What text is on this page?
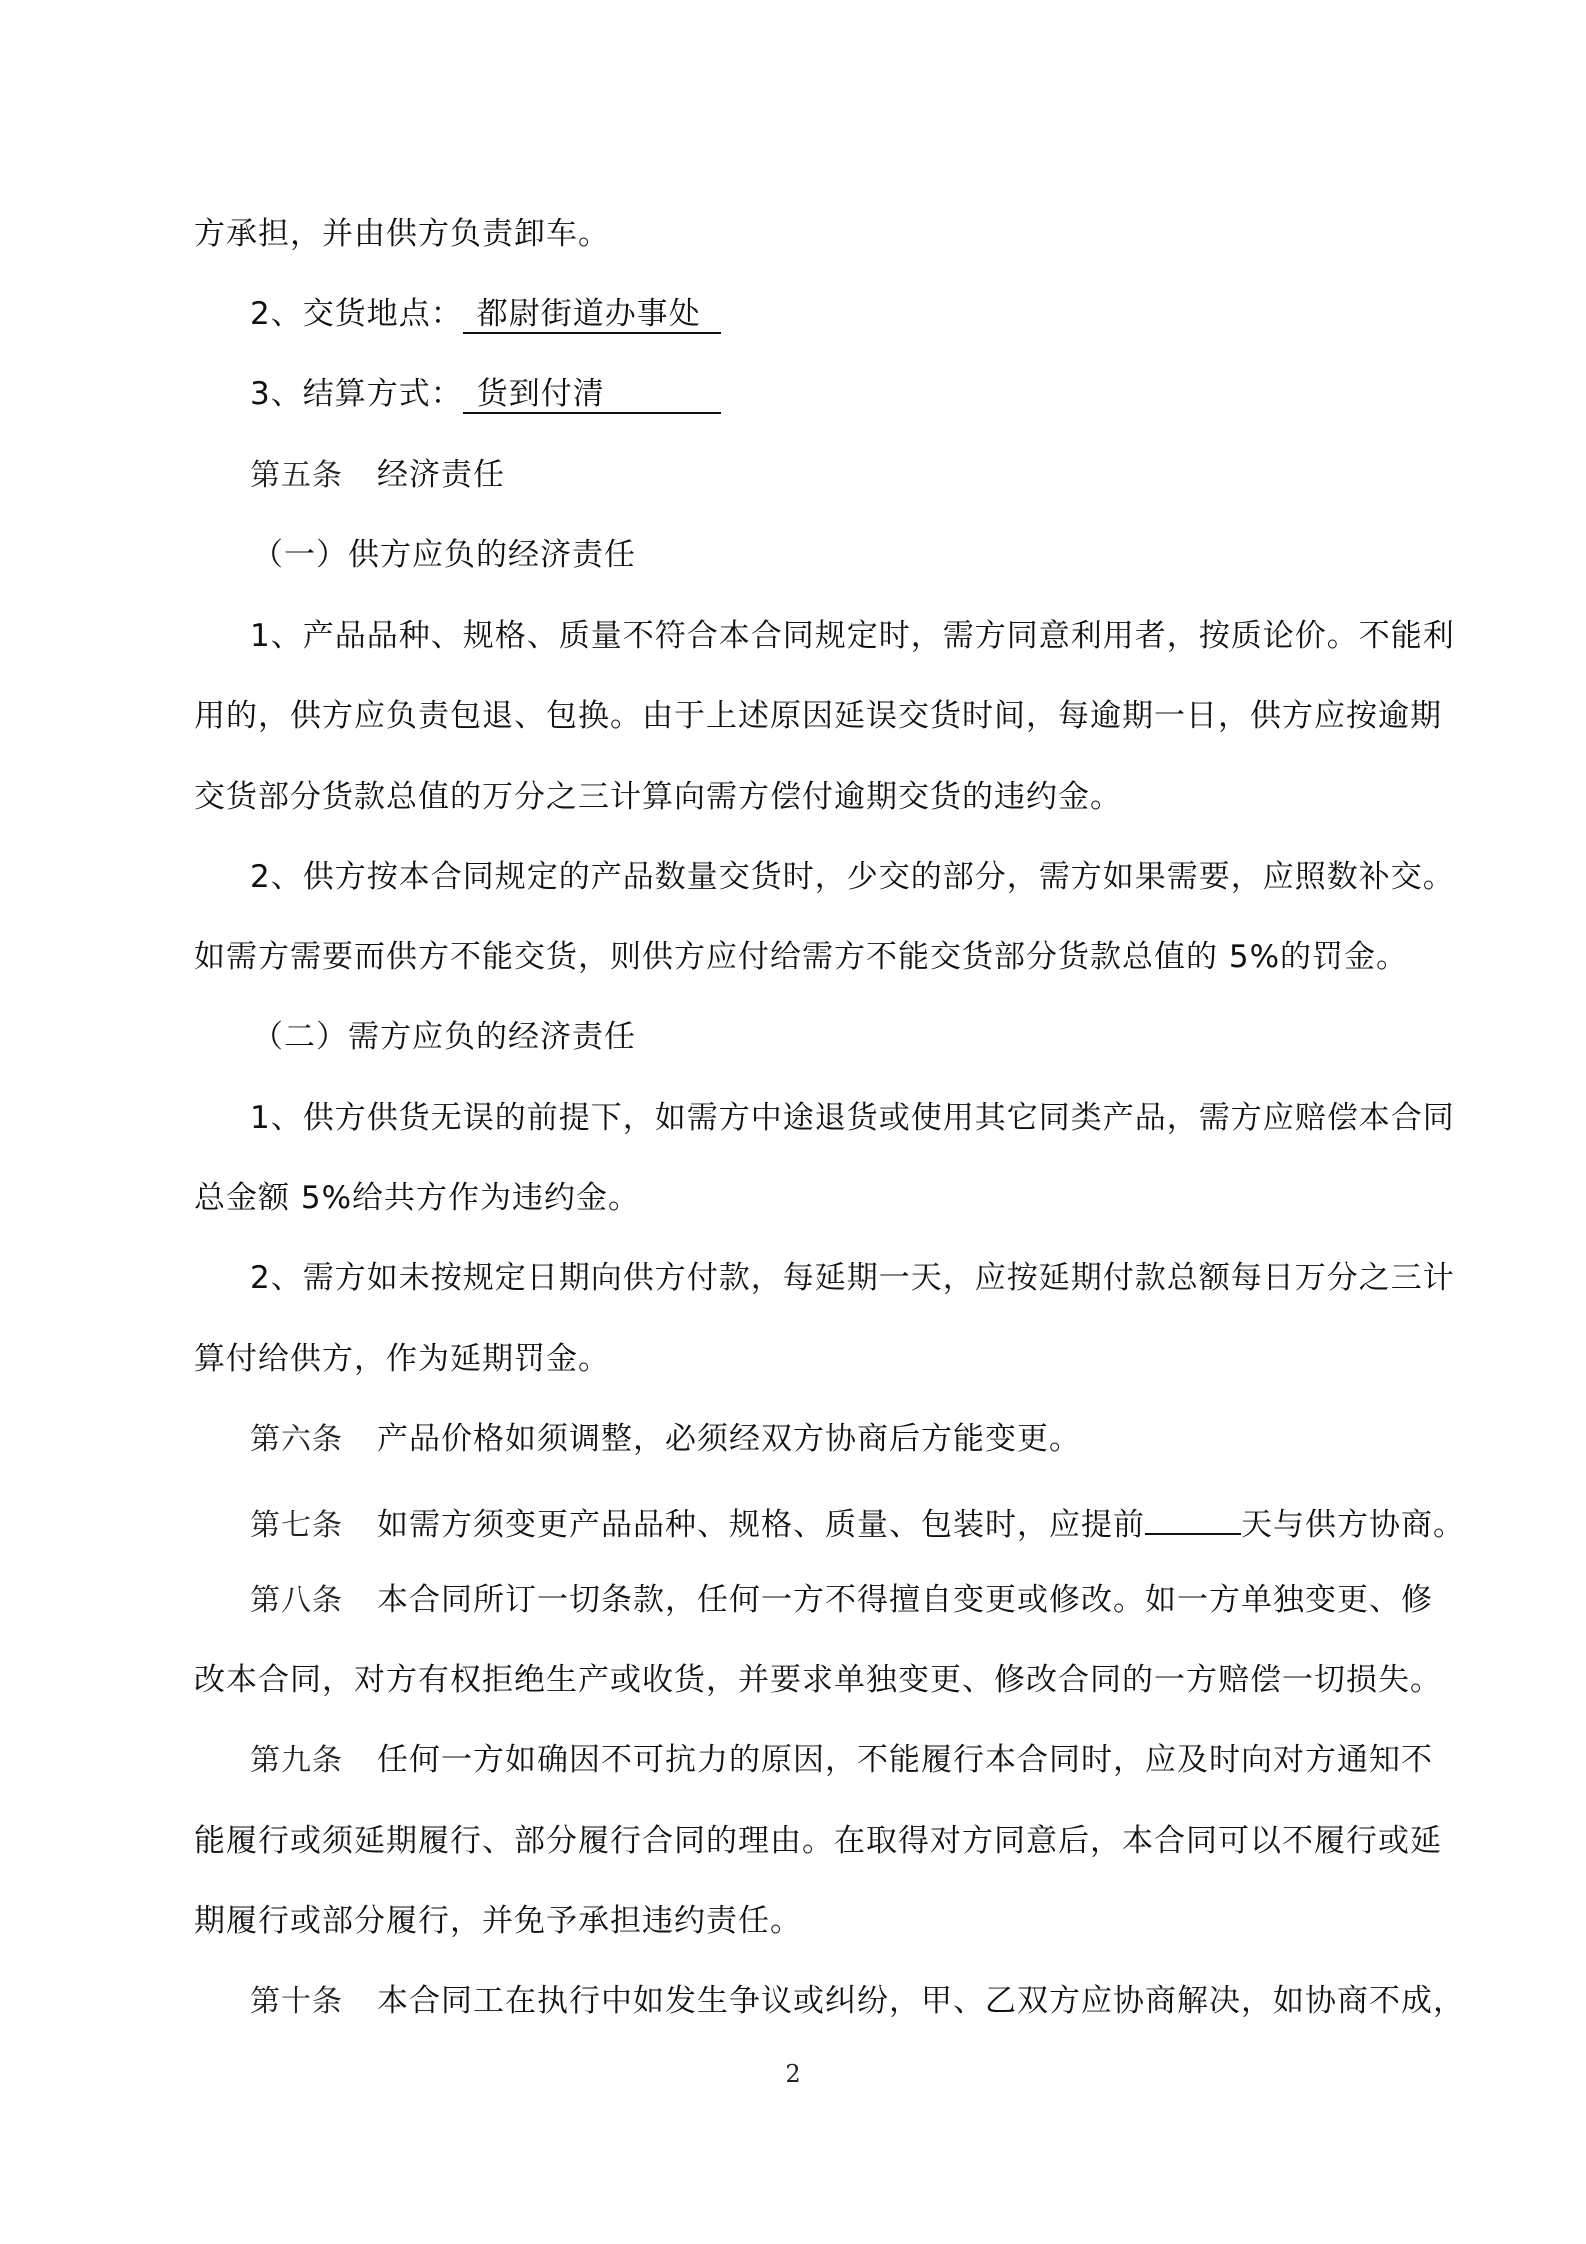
方承担，并由供方负责卸车。
2、交货地点： 都尉街道办事处
3、结算方式： 货到付清
第五条 经济责任
（一）供方应负的经济责任
1、产品品种、规格、质量不符合本合同规定时，需方同意利用者，按质论价。不能利
用的，供方应负责包退、包换。由于上述原因延误交货时间，每逾期一日，供方应按逾期
交货部分货款总值的万分之三计算向需方偿付逾期交货的违约金。
2、供方按本合同规定的产品数量交货时，少交的部分，需方如果需要，应照数补交。
如需方需要而供方不能交货，则供方应付给需方不能交货部分货款总值的 5%的罚金。
（二）需方应负的经济责任
1、供方供货无误的前提下，如需方中途退货或使用其它同类产品，需方应赔偿本合同
总金额 5%给共方作为违约金。
2、需方如未按规定日期向供方付款，每延期一天，应按延期付款总额每日万分之三计
算付给供方，作为延期罚金。
第六条 产品价格如须调整，必须经双方协商后方能变更。
第七条 如需方须变更产品品种、规格、质量、包装时，应提前	天与供方协商。
第八条 本合同所订一切条款，任何一方不得擅自变更或修改。如一方单独变更、修
改本合同，对方有权拒绝生产或收货，并要求单独变更、修改合同的一方赔偿一切损失。
第九条 任何一方如确因不可抗力的原因，不能履行本合同时，应及时向对方通知不
能履行或须延期履行、部分履行合同的理由。在取得对方同意后，本合同可以不履行或延
期履行或部分履行，并免予承担违约责任。
第十条 本合同工在执行中如发生争议或纠纷，甲、乙双方应协商解决，如协商不成，
2
